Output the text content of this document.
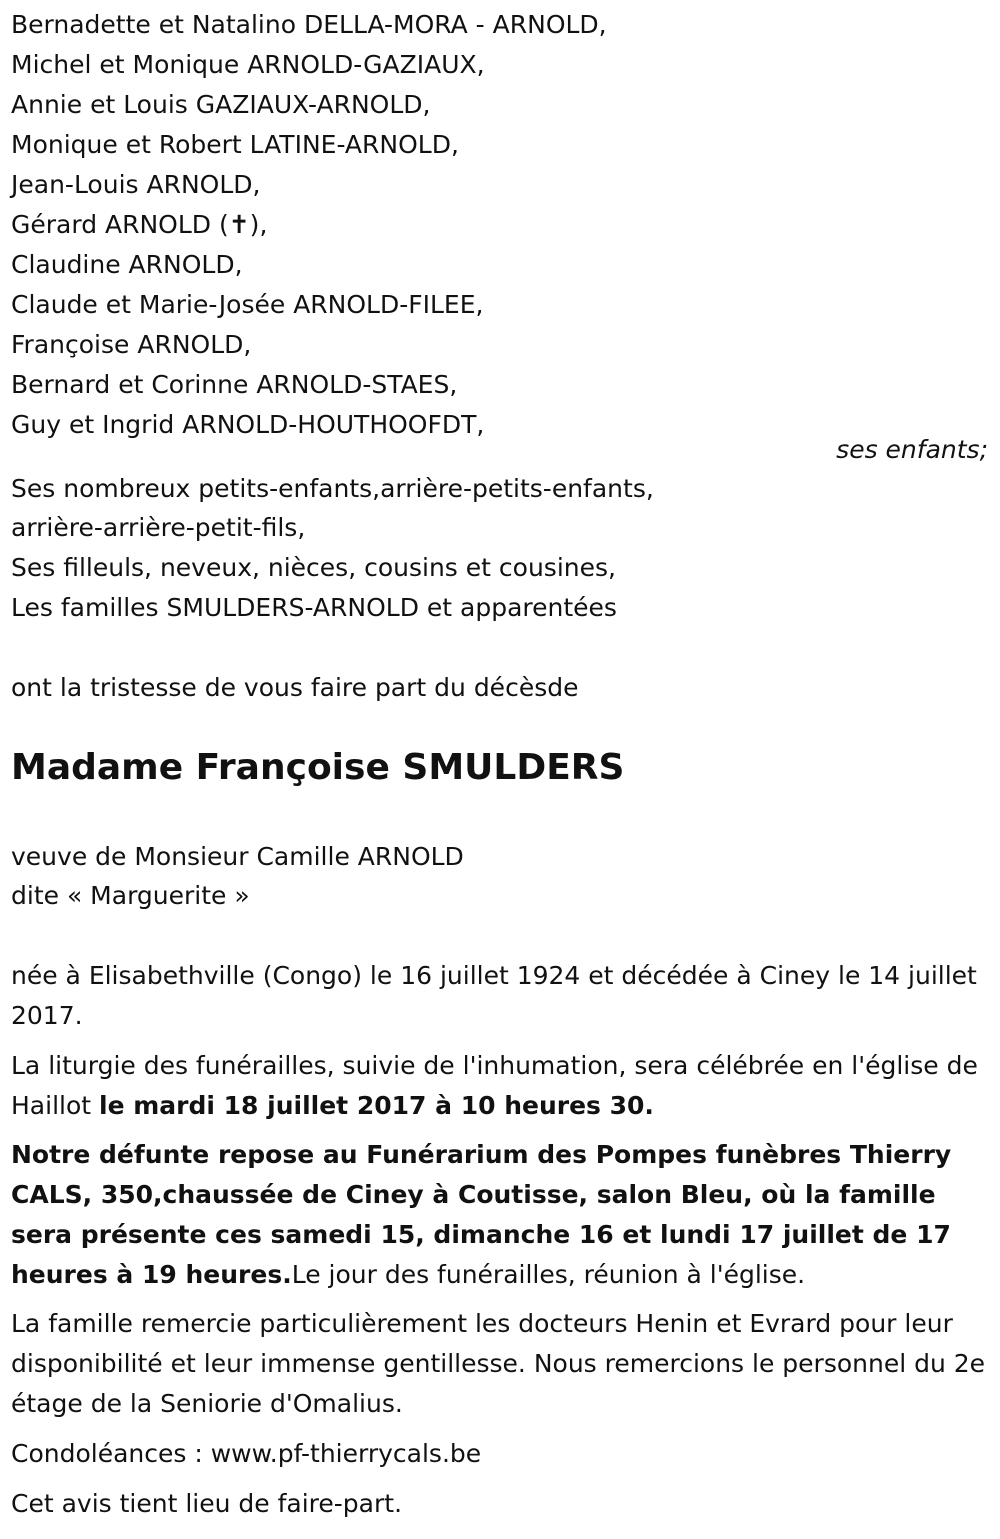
Bernadette et Natalino DELLA-MORA - ARNOLD,
Michel et Monique ARNOLD-GAZIAUX,
Annie et Louis GAZIAUX-ARNOLD,
Monique et Robert LATINE-ARNOLD,
Jean-Louis ARNOLD,
Gérard ARNOLD (✝),
Claudine ARNOLD,
Claude et Marie-Josée ARNOLD-FILEE,
Françoise ARNOLD,
Bernard et Corinne ARNOLD-STAES,
Guy et Ingrid ARNOLD-HOUTHOOFDT,
ses enfants;
Ses nombreux petits-enfants,arrière-petits-enfants,
arrière-arrière-petit-fils,
Ses filleuls, neveux, nièces, cousins et cousines,
Les familles SMULDERS-ARNOLD et apparentées
ont la tristesse de vous faire part du décèsde
Madame Françoise SMULDERS
veuve de Monsieur Camille ARNOLD
dite « Marguerite »
née à Elisabethville (Congo) le 16 juillet 1924 et décédée à Ciney le 14 juillet 2017.
La liturgie des funérailles, suivie de l'inhumation, sera célébrée en l'église de Haillot le mardi 18 juillet 2017 à 10 heures 30.
Notre défunte repose au Funérarium des Pompes funèbres Thierry CALS, 350,chaussée de Ciney à Coutisse, salon Bleu, où la famille sera présente ces samedi 15, dimanche 16 et lundi 17 juillet de 17 heures à 19 heures.Le jour des funérailles, réunion à l'église.
La famille remercie particulièrement les docteurs Henin et Evrard pour leur disponibilité et leur immense gentillesse. Nous remercions le personnel du 2e étage de la Seniorie d'Omalius.
Condoléances : www.pf-thierrycals.be
Cet avis tient lieu de faire-part.
